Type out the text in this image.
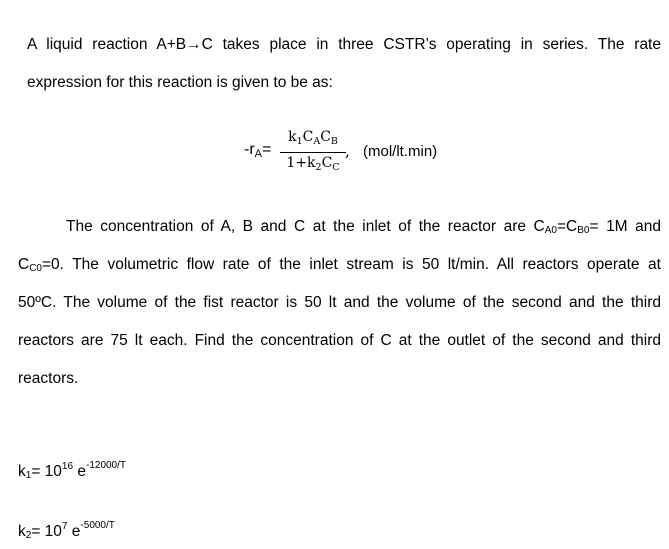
A liquid reaction A+B→C takes place in three CSTR’s operating in series. The rate
expression for this reaction is given to be as:
$-r_A=$
$k_1C_AC_B$
$1+k_2C_C$
, (mol/lt.min)
The concentration of A, B and C at the inlet of the reactor are $C_{A0}=C_{B0}= 1M$ and
$C_{C0}=0$. The volumetric flow rate of the inlet stream is 50 lt/min. All reactors operate at
50ºC. The volume of the fist reactor is 50 lt and the volume of the second and the third
reactors are 75 lt each. Find the concentration of C at the outlet of the second and third
reactors.
$k_1= 10^{16}$ $e^{-12000/T}$
$k_2= 10^7$ $e^{-5000/T}$
